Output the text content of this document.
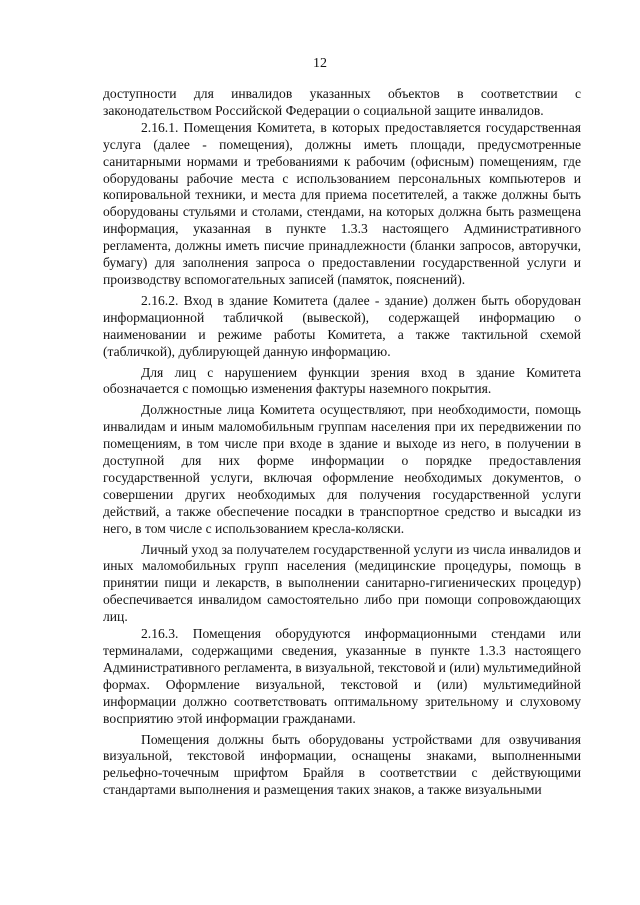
12

доступности для инвалидов указанных объектов в соответствии с законодательством Российской Федерации о социальной защите инвалидов.

2.16.1. Помещения Комитета, в которых предоставляется государственная услуга (далее - помещения), должны иметь площади, предусмотренные санитарными нормами и требованиями к рабочим (офисным) помещениям, где оборудованы рабочие места с использованием персональных компьютеров и копировальной техники, и места для приема посетителей, а также должны быть оборудованы стульями и столами, стендами, на которых должна быть размещена информация, указанная в пункте 1.3.3 настоящего Административного регламента, должны иметь писчие принадлежности (бланки запросов, авторучки, бумагу) для заполнения запроса о предоставлении государственной услуги и производству вспомогательных записей (памяток, пояснений).

2.16.2. Вход в здание Комитета (далее - здание) должен быть оборудован информационной табличкой (вывеской), содержащей информацию о наименовании и режиме работы Комитета, а также тактильной схемой (табличкой), дублирующей данную информацию.

Для лиц с нарушением функции зрения вход в здание Комитета обозначается с помощью изменения фактуры наземного покрытия.

Должностные лица Комитета осуществляют, при необходимости, помощь инвалидам и иным маломобильным группам населения при их передвижении по помещениям, в том числе при входе в здание и выходе из него, в получении в доступной для них форме информации о порядке предоставления государственной услуги, включая оформление необходимых документов, о совершении других необходимых для получения государственной услуги действий, а также обеспечение посадки в транспортное средство и высадки из него, в том числе с использованием кресла-коляски.

Личный уход за получателем государственной услуги из числа инвалидов и иных маломобильных групп населения (медицинские процедуры, помощь в принятии пищи и лекарств, в выполнении санитарно-гигиенических процедур) обеспечивается инвалидом самостоятельно либо при помощи сопровождающих лиц.

2.16.3. Помещения оборудуются информационными стендами или терминалами, содержащими сведения, указанные в пункте 1.3.3 настоящего Административного регламента, в визуальной, текстовой и (или) мультимедийной формах. Оформление визуальной, текстовой и (или) мультимедийной информации должно соответствовать оптимальному зрительному и слуховому восприятию этой информации гражданами.

Помещения должны быть оборудованы устройствами для озвучивания визуальной, текстовой информации, оснащены знаками, выполненными рельефно-точечным шрифтом Брайля в соответствии с действующими стандартами выполнения и размещения таких знаков, а также визуальными
